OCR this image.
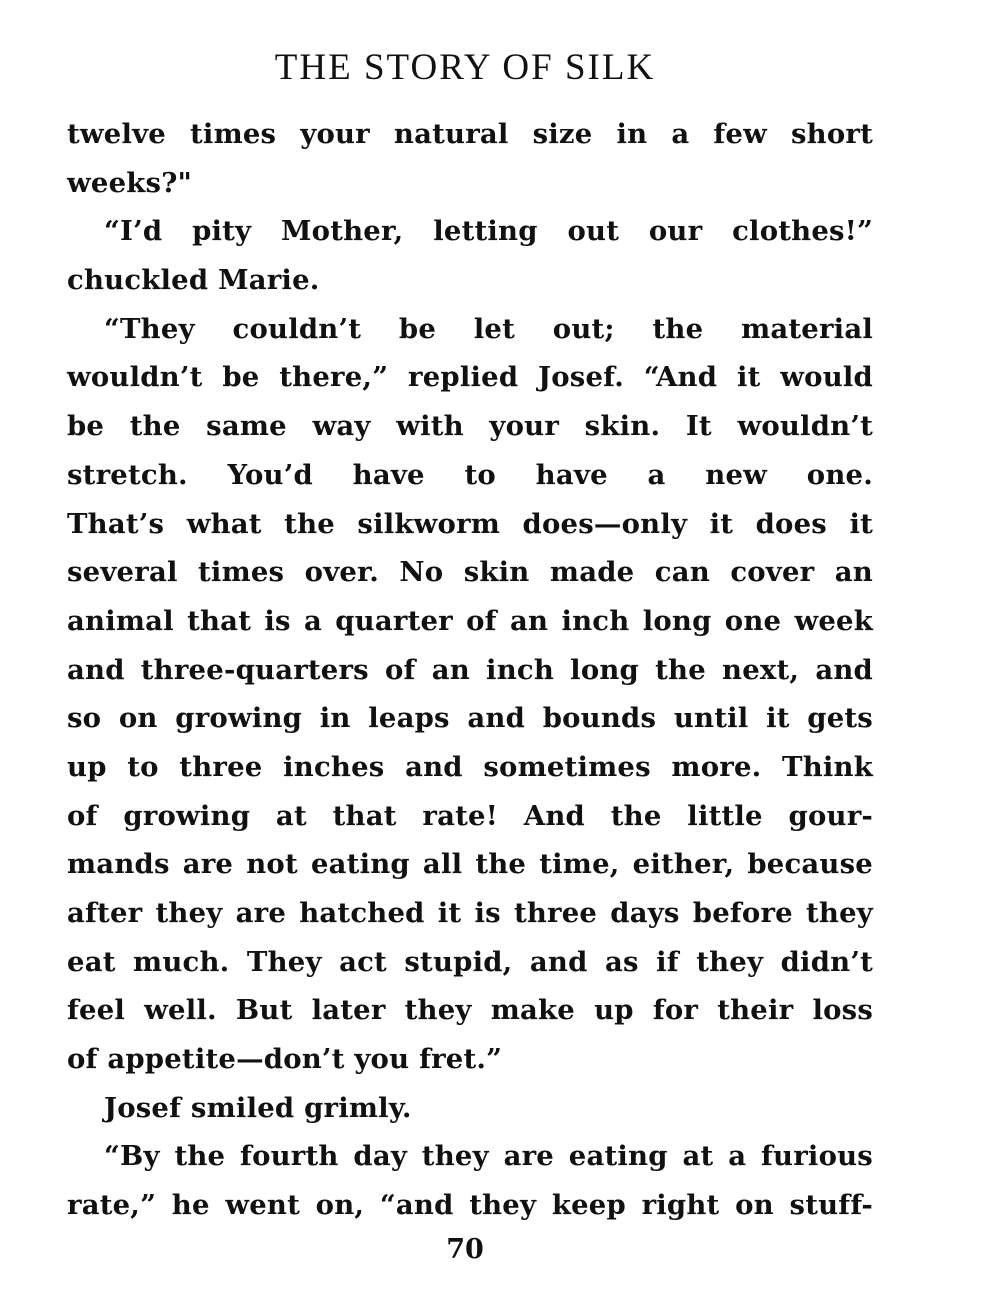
THE STORY OF SILK

twelve times your natural size in a few short
weeks?"

“I’d pity Mother, letting out our clothes!”
chuckled Marie.

“They couldn’t be let out; the material
wouldn’t be there,” replied Josef. “And it would
be the same way with your skin. It wouldn’t
stretch. You’d have to have a new one.
That’s what the silkworm does—only it does it
several times over. No skin made can cover an
animal that is a quarter of an inch long one week
and three-quarters of an inch long the next, and
so on growing in leaps and bounds until it gets
up to three inches and sometimes more. Think
of growing at that rate! And the little gour-
mands are not eating all the time, either, because
after they are hatched it is three days before they
eat much. They act stupid, and as if they didn’t
feel well. But later they make up for their loss
of appetite—don’t you fret.”

Josef smiled grimly.

“By the fourth day they are eating at a furious
rate,” he went on, “and they keep right on stuff-

70
